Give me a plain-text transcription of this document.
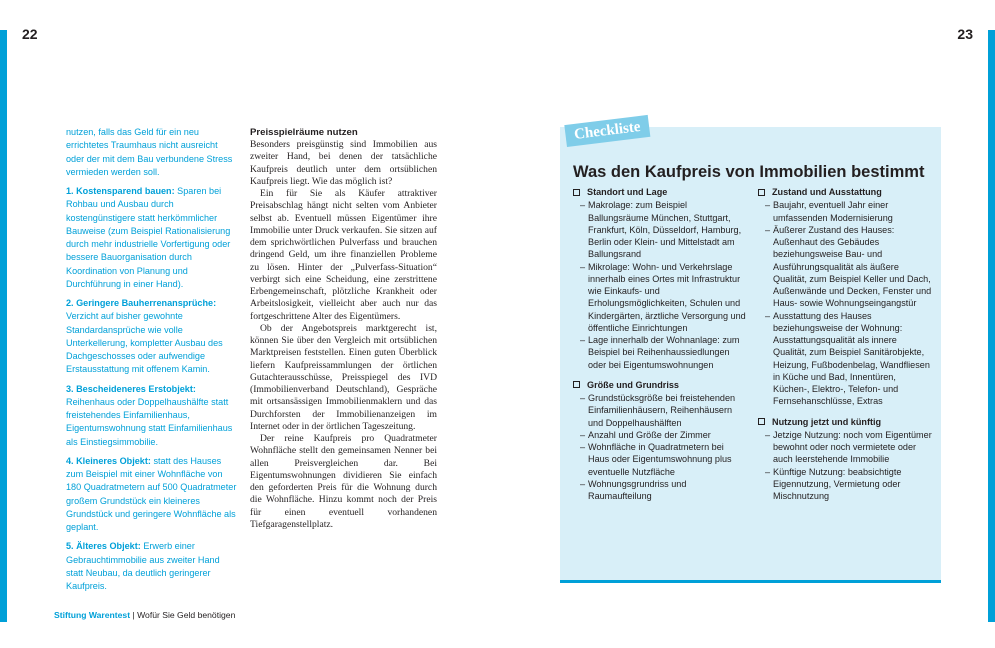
22	23

nutzen, falls das Geld für ein neu errichtetes Traumhaus nicht ausreicht oder der mit dem Bau verbundene Stress vermieden werden soll.

1. Kostensparend bauen: Sparen bei Rohbau und Ausbau durch kostengünstigere statt herkömmlicher Bauweise (zum Beispiel Rationalisierung durch mehr industrielle Vorfertigung oder bessere Bauorganisation durch Koordination von Planung und Durchführung in einer Hand).

2. Geringere Bauherrenansprüche: Verzicht auf bisher gewohnte Standardansprüche wie volle Unterkellerung, kompletter Ausbau des Dachgeschosses oder aufwendige Erstausstattung mit offenem Kamin.

3. Bescheideneres Erstobjekt: Reihenhaus oder Doppelhaushälfte statt freistehendes Einfamilienhaus, Eigentumswohnung statt Einfamilienhaus als Einstiegsimmobilie.

4. Kleineres Objekt: statt des Hauses zum Beispiel mit einer Wohnfläche von 180 Quadratmetern auf 500 Quadratmeter großem Grundstück ein kleineres Grundstück und geringere Wohnfläche als geplant.

5. Älteres Objekt: Erwerb einer Gebrauchtimmobilie aus zweiter Hand statt Neubau, da deutlich geringerer Kaufpreis.

Preisspielräume nutzen

Besonders preisgünstig sind Immobilien aus zweiter Hand, bei denen der tatsächliche Kaufpreis deutlich unter dem ortsüblichen Kaufpreis liegt. Wie das möglich ist?

Ein für Sie als Käufer attraktiver Preisabschlag hängt nicht selten vom Anbieter selbst ab. Eventuell müssen Eigentümer ihre Immobilie unter Druck verkaufen. Sie sitzen auf dem sprichwörtlichen Pulverfass und brauchen dringend Geld, um ihre finanziellen Probleme zu lösen. Hinter der „Pulverfass-Situation“ verbirgt sich eine Scheidung, eine zerstrittene Erbengemeinschaft, plötzliche Krankheit oder Arbeitslosigkeit, vielleicht aber auch nur das fortgeschrittene Alter des Eigentümers.

Ob der Angebotspreis marktgerecht ist, können Sie über den Vergleich mit ortsüblichen Marktpreisen feststellen. Einen guten Überblick liefern Kaufpreissammlungen der örtlichen Gutachterausschüsse, Preisspiegel des IVD (Immobilienverband Deutschland), Gespräche mit ortsansässigen Immobilienmaklern und das Durchforsten der Immobilienanzeigen im Internet oder in der örtlichen Tageszeitung.

Der reine Kaufpreis pro Quadratmeter Wohnfläche stellt den gemeinsamen Nenner bei allen Preisvergleichen dar. Bei Eigentumswohnungen dividieren Sie einfach den geforderten Preis für die Wohnung durch die Wohnfläche. Hinzu kommt noch der Preis für einen eventuell vorhandenen Tiefgaragenstellplatz.

Checkliste
Was den Kaufpreis von Immobilien bestimmt
Standort und Lage
– Makrolage: zum Beispiel Ballungsräume München, Stuttgart, Frankfurt, Köln, Düsseldorf, Hamburg, Berlin oder Klein- und Mittelstadt am Ballungsrand
– Mikrolage: Wohn- und Verkehrslage innerhalb eines Ortes mit Infrastruktur wie Einkaufs- und Erholungsmöglichkeiten, Schulen und Kindergärten, ärztliche Versorgung und öffentliche Einrichtungen
– Lage innerhalb der Wohnanlage: zum Beispiel bei Reihenhaussiedlungen oder bei Eigentumswohnungen
Größe und Grundriss
– Grundstücksgröße bei freistehenden Einfamilienhäusern, Reihenhäusern und Doppelhaushälften
– Anzahl und Größe der Zimmer
– Wohnfläche in Quadratmetern bei Haus oder Eigentumswohnung plus eventuelle Nutzfläche
– Wohnungsgrundriss und Raumaufteilung
Zustand und Ausstattung
– Baujahr, eventuell Jahr einer umfassenden Modernisierung
– Äußerer Zustand des Hauses: Außenhaut des Gebäudes beziehungsweise Bau- und Ausführungsqualität als äußere Qualität, zum Beispiel Keller und Dach, Außenwände und Decken, Fenster und Haus- sowie Wohnungseingangstür
– Ausstattung des Hauses beziehungsweise der Wohnung: Ausstattungsqualität als innere Qualität, zum Beispiel Sanitärobjekte, Heizung, Fußbodenbelag, Wandfliesen in Küche und Bad, Innentüren, Küchen-, Elektro-, Telefon- und Fernsehanschlüsse, Extras
Nutzung jetzt und künftig
– Jetzige Nutzung: noch vom Eigentümer bewohnt oder noch vermietete oder auch leerstehende Immobilie
– Künftige Nutzung: beabsichtigte Eigennutzung, Vermietung oder Mischnutzung
Stiftung Warentest | Wofür Sie Geld benötigen
